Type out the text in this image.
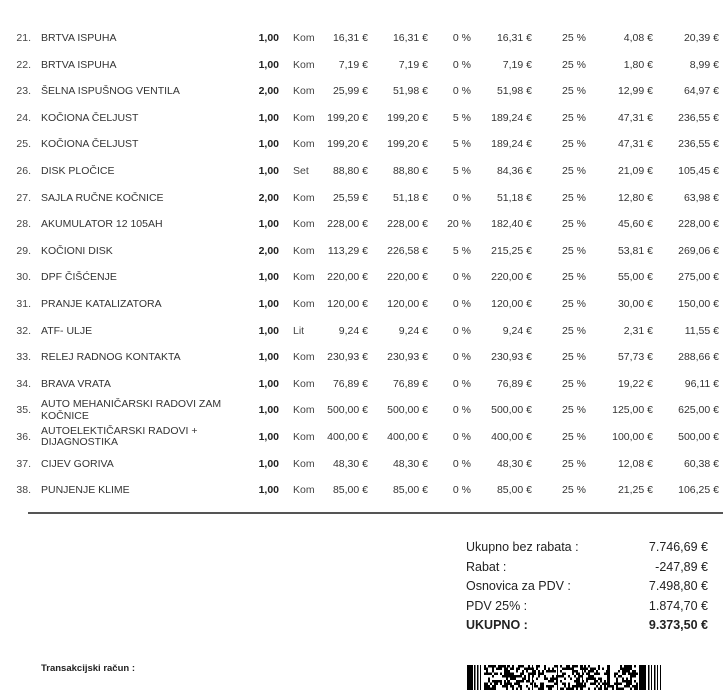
21. BRTVA ISPUHA	1,00 Kom 16,31 € 16,31 € 0 % 16,31 €	25 %	4,08 €	20,39 €
22. BRTVA ISPUHA	1,00 Kom 7,19 €	7,19 € 0 %	7,19 €	25 %	1,80 €	8,99 €
23. ŠELNA ISPUŠNOG VENTILA	2,00 Kom 25,99 € 51,98 € 0 % 51,98 €	25 %	12,99 €	64,97 €
24. KOČIONA ČELJUST	1,00 Kom 199,20 € 199,20 € 5 % 189,24 €	25 %	47,31 € 236,55 €
25. KOČIONA ČELJUST	1,00 Kom 199,20 € 199,20 € 5 % 189,24 €	25 %	47,31 € 236,55 €
26. DISK PLOČICE	1,00 Set 88,80 € 88,80 € 5 % 84,36 €	25 %	21,09 € 105,45 €
27. SAJLA RUČNE KOČNICE	2,00 Kom 25,59 € 51,18 € 0 % 51,18 €	25 %	12,80 €	63,98 €
28. AKUMULATOR 12 105AH	1,00 Kom 228,00 € 228,00 € 20 % 182,40 €	25 %	45,60 € 228,00 €
29. KOČIONI DISK	2,00 Kom 113,29 € 226,58 € 5 % 215,25 €	25 %	53,81 € 269,06 €
30. DPF ČIŠĆENJE	1,00 Kom 220,00 € 220,00 € 0 % 220,00 €	25 %	55,00 € 275,00 €
31. PRANJE KATALIZATORA	1,00 Kom 120,00 € 120,00 € 0 % 120,00 €	25 %	30,00 € 150,00 €
32. ATF- ULJE	1,00 Lit	9,24 €	9,24 € 0 %	9,24 €	25 %	2,31 €	11,55 €
33. RELEJ RADNOG KONTAKTA	1,00 Kom 230,93 € 230,93 € 0 % 230,93 €	25 %	57,73 € 288,66 €
34. BRAVA VRATA	1,00 Kom 76,89 € 76,89 € 0 % 76,89 €	25 %	19,22 €	96,11 €
35. AUTO MEHANIČARSKI RADOVI ZAM KOČNICE	1,00 Kom 500,00 € 500,00 € 0 % 500,00 €	25 % 125,00 € 625,00 €
36. AUTOELEKTIČARSKI RADOVI + DIJAGNOSTIKA	1,00 Kom 400,00 € 400,00 € 0 % 400,00 €	25 % 100,00 € 500,00 €
37. CIJEV GORIVA	1,00 Kom 48,30 € 48,30 € 0 % 48,30 €	25 %	12,08 €	60,38 €
38. PUNJENJE KLIME	1,00 Kom 85,00 € 85,00 € 0 % 85,00 €	25 %	21,25 € 106,25 €
Ukupno bez rabata :	7.746,69 €
Rabat :	-247,89 €
Osnovica za PDV :	7.498,80 €
PDV 25% :	1.874,70 €
UKUPNO :	9.373,50 €
Transakcijski račun :
